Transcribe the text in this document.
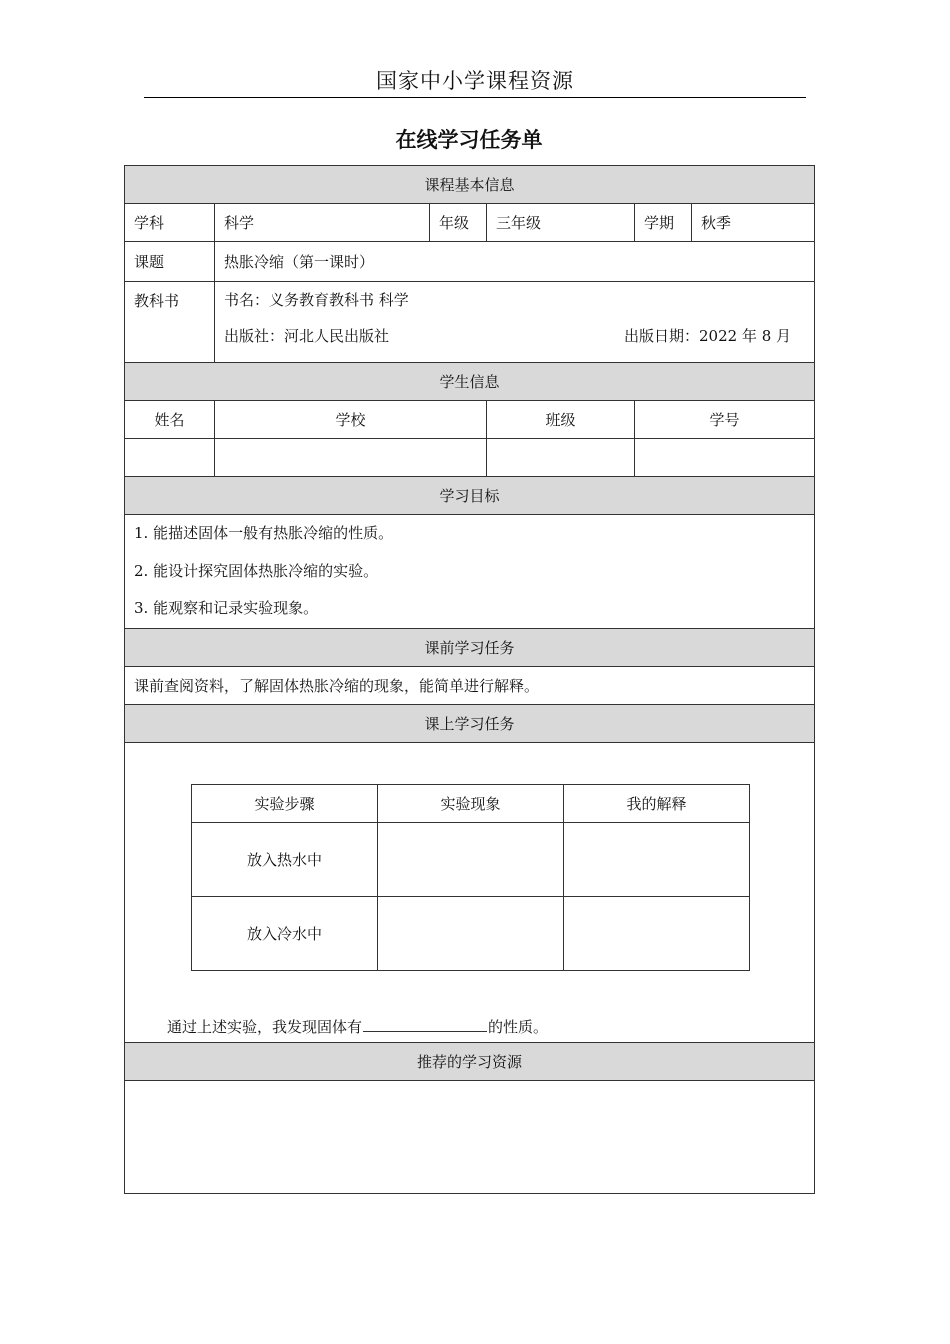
国家中小学课程资源
在线学习任务单
课程基本信息
学科	科学	年级	三年级	学期	秋季
课题	热胀冷缩（第一课时）
教科书	书名：义务教育教科书 科学
出版社：河北人民出版社	出版日期：2022 年 8 月

学生信息
姓名	学校	班级	学号

学习目标

1. 能描述固体一般有热胀冷缩的性质。
2. 能设计探究固体热胀冷缩的实验。
3. 能观察和记录实验现象。

课前学习任务
课前查阅资料，了解固体热胀冷缩的现象，能简单进行解释。
课上学习任务

实验步骤	实验现象	我的解释
放入热水中		
放入冷水中		
通过上述实验，我发现固体有	的性质。

推荐的学习资源
